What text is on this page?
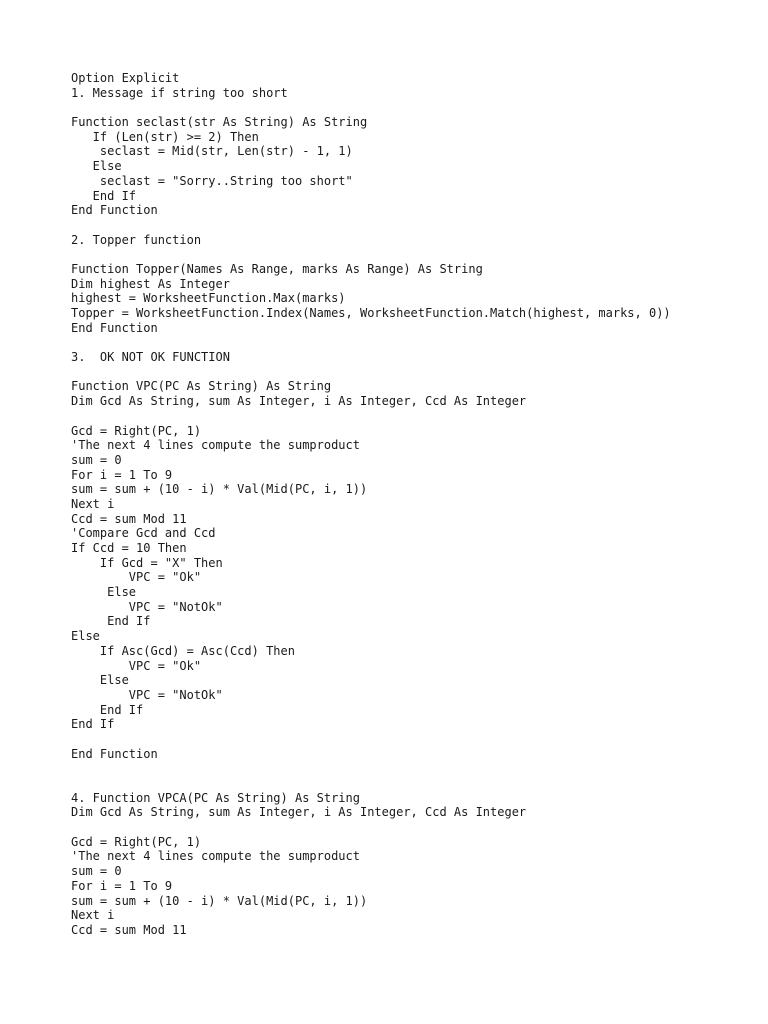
Option Explicit
1. Message if string too short
Function seclast(str As String) As String
If (Len(str) >= 2) Then
seclast = Mid(str, Len(str) - 1, 1)
Else
seclast = "Sorry..String too short"
End If
End Function
2. Topper function
Function Topper(Names As Range, marks As Range) As String
Dim highest As Integer
highest = WorksheetFunction.Max(marks)
Topper = WorksheetFunction.Index(Names, WorksheetFunction.Match(highest, marks, 0))
End Function
3.  OK NOT OK FUNCTION
Function VPC(PC As String) As String
Dim Gcd As String, sum As Integer, i As Integer, Ccd As Integer
Gcd = Right(PC, 1)
'The next 4 lines compute the sumproduct
sum = 0
For i = 1 To 9
sum = sum + (10 - i) * Val(Mid(PC, i, 1))
Next i
Ccd = sum Mod 11
'Compare Gcd and Ccd
If Ccd = 10 Then
If Gcd = "X" Then
VPC = "Ok"
Else
VPC = "NotOk"
End If
Else
If Asc(Gcd) = Asc(Ccd) Then
VPC = "Ok"
Else
VPC = "NotOk"
End If
End If
End Function
4. Function VPCA(PC As String) As String
Dim Gcd As String, sum As Integer, i As Integer, Ccd As Integer
Gcd = Right(PC, 1)
'The next 4 lines compute the sumproduct
sum = 0
For i = 1 To 9
sum = sum + (10 - i) * Val(Mid(PC, i, 1))
Next i
Ccd = sum Mod 11
